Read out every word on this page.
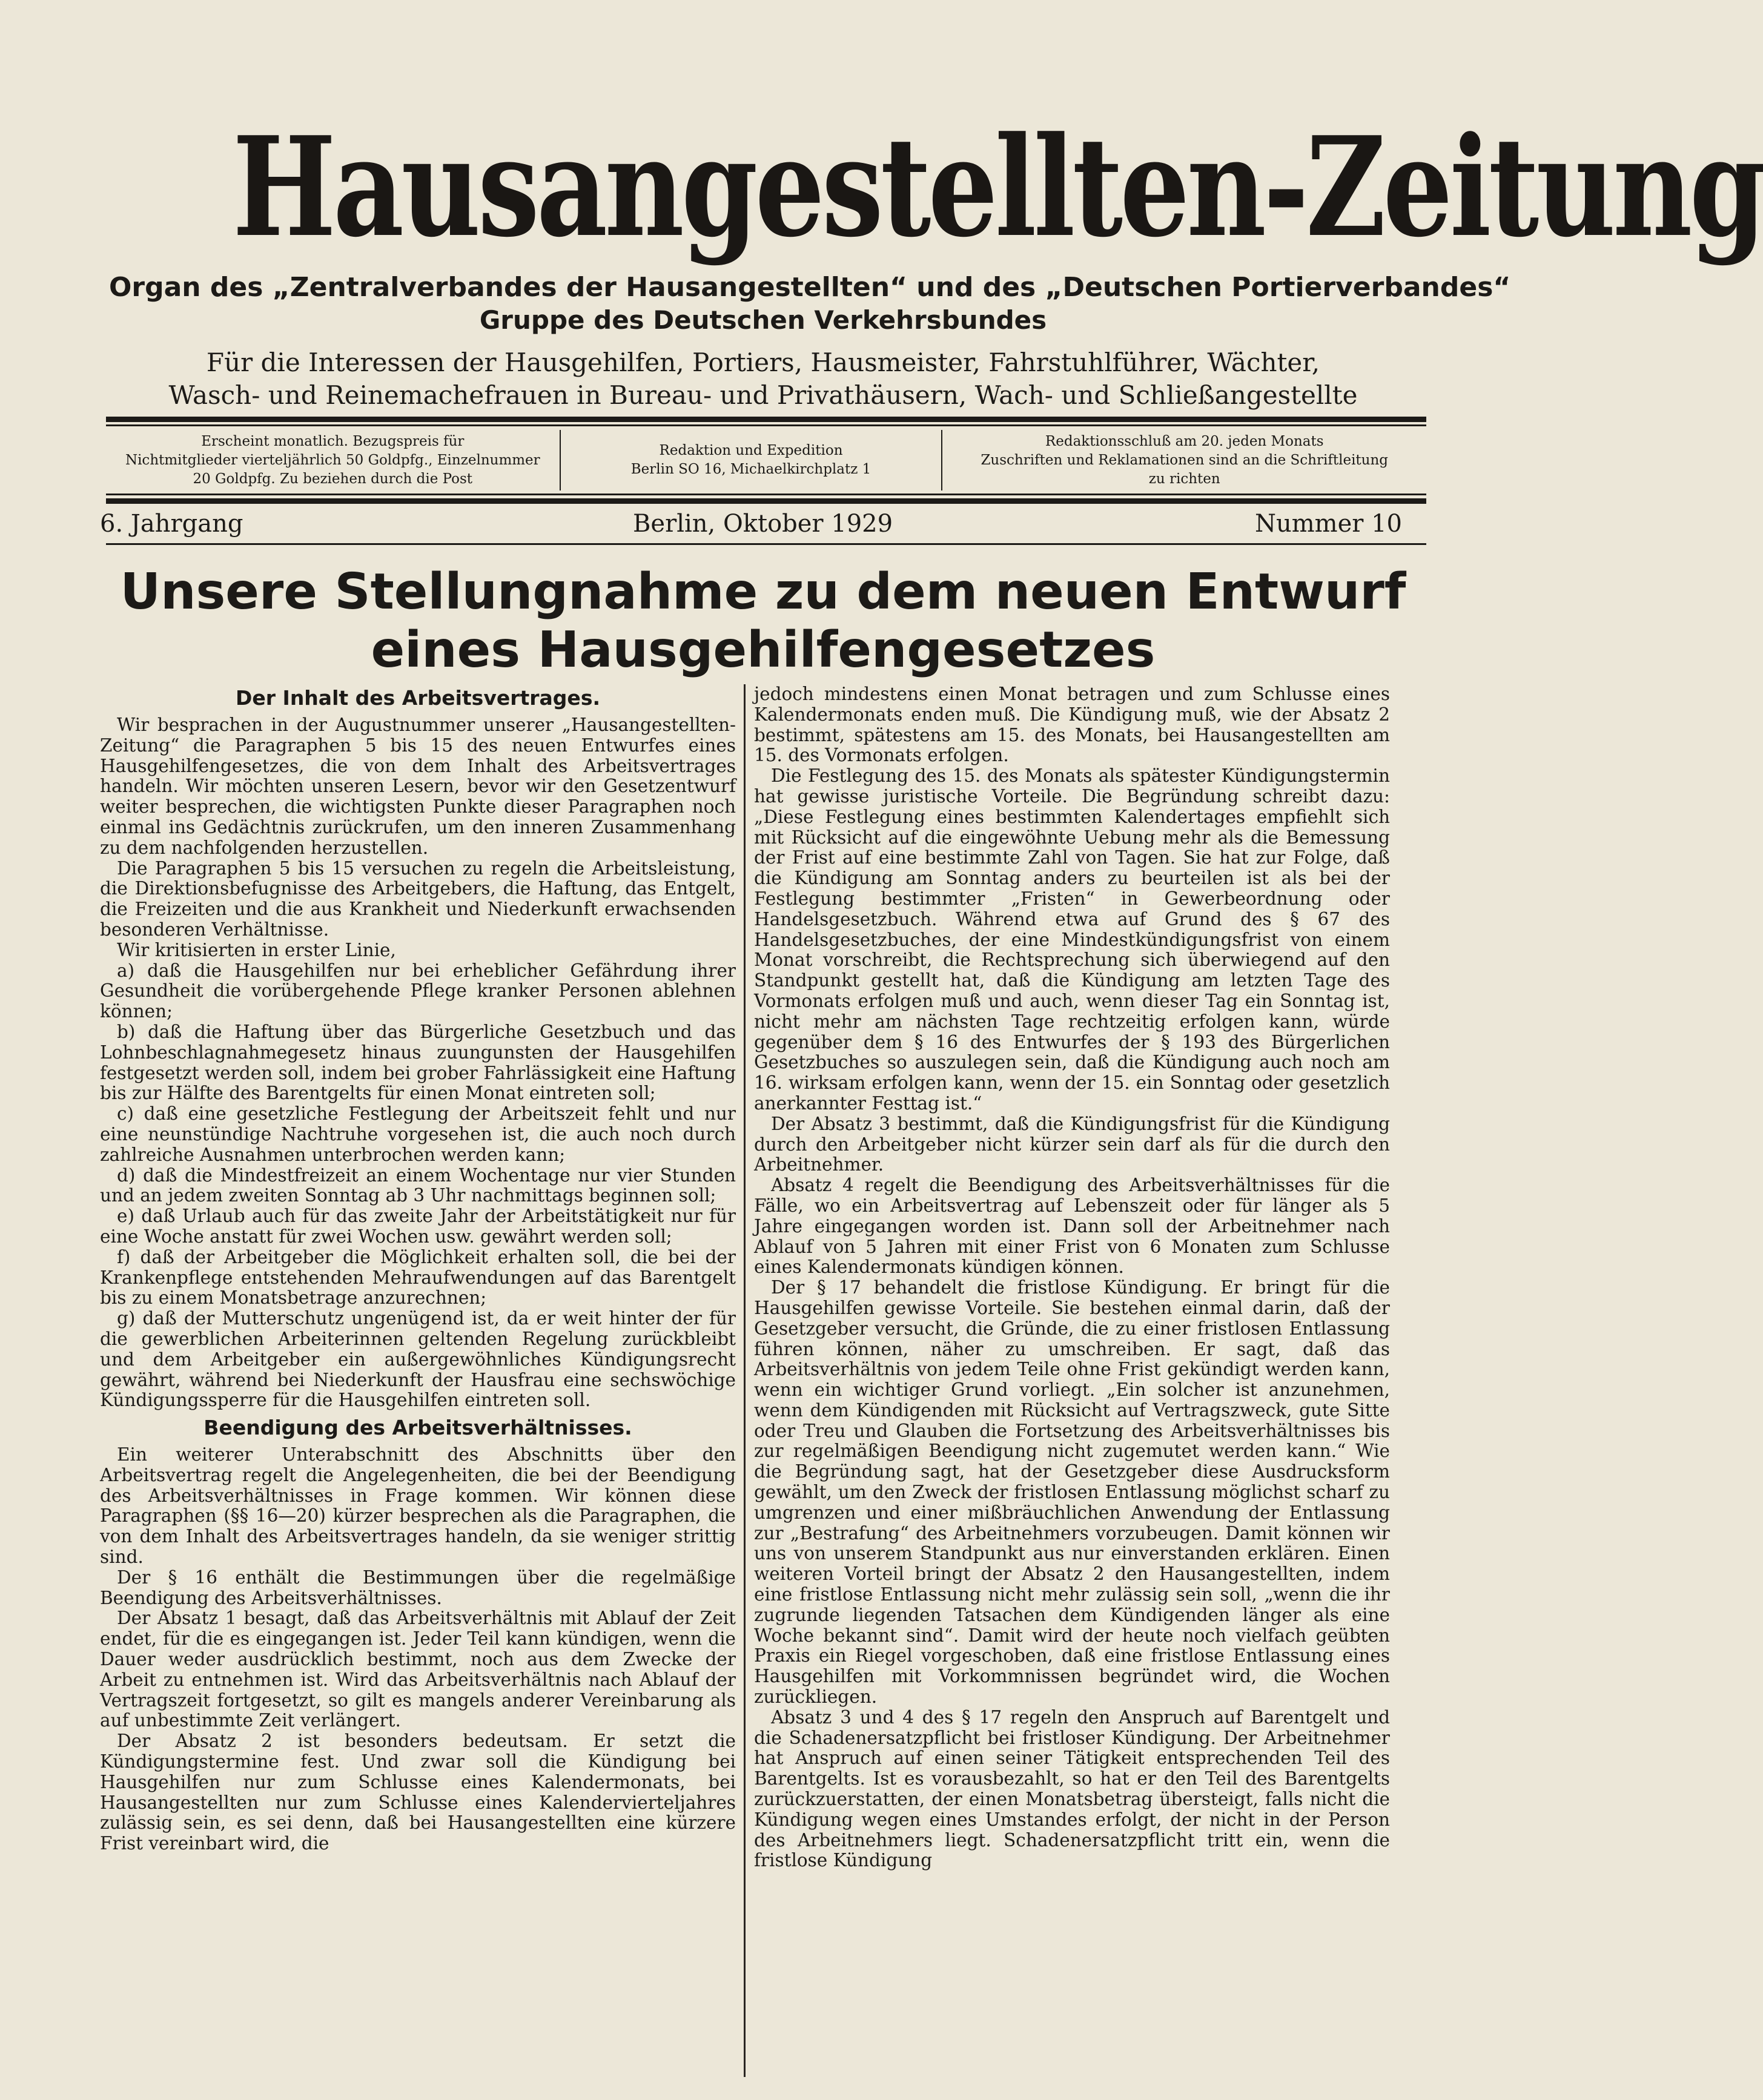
Hausangestellten-Zeitung
Organ des „Zentralverbandes der Hausangestellten“ und des „Deutschen Portierverbandes“
Gruppe des Deutschen Verkehrsbundes
Für die Interessen der Hausgehilfen, Portiers, Hausmeister, Fahrstuhlführer, Wächter,
Wasch- und Reinemachefrauen in Bureau- und Privathäusern, Wach- und Schließangestellte
Erscheint monatlich. Bezugspreis für
Nichtmitglieder vierteljährlich 50 Goldpfg., Einzelnummer
20 Goldpfg. Zu beziehen durch die Post
Redaktion und Expedition
Berlin SO 16, Michaelkirchplatz 1
Redaktionsschluß am 20. jeden Monats
Zuschriften und Reklamationen sind an die Schriftleitung
zu richten
6. Jahrgang	Berlin, Oktober 1929	Nummer 10
Unsere Stellungnahme zu dem neuen Entwurf
eines Hausgehilfengesetzes
Der Inhalt des Arbeitsvertrages.

Wir besprachen in der Augustnummer unserer „Hausangestellten-Zeitung“ die Paragraphen 5 bis 15 des neuen Entwurfes eines Hausgehilfengesetzes, die von dem Inhalt des Arbeitsvertrages handeln. Wir möchten unseren Lesern, bevor wir den Gesetzentwurf weiter besprechen, die wichtigsten Punkte dieser Paragraphen noch einmal ins Gedächtnis zurückrufen, um den inneren Zusammenhang zu dem nachfolgenden herzustellen.

Die Paragraphen 5 bis 15 versuchen zu regeln die Arbeitsleistung, die Direktionsbefugnisse des Arbeitgebers, die Haftung, das Entgelt, die Freizeiten und die aus Krankheit und Niederkunft erwachsenden besonderen Verhältnisse.

Wir kritisierten in erster Linie,

a) daß die Hausgehilfen nur bei erheblicher Gefährdung ihrer Gesundheit die vorübergehende Pflege kranker Personen ablehnen können;

b) daß die Haftung über das Bürgerliche Gesetzbuch und das Lohnbeschlagnahmegesetz hinaus zuungunsten der Hausgehilfen festgesetzt werden soll, indem bei grober Fahrlässigkeit eine Haftung bis zur Hälfte des Barentgelts für einen Monat eintreten soll;

c) daß eine gesetzliche Festlegung der Arbeitszeit fehlt und nur eine neunstündige Nachtruhe vorgesehen ist, die auch noch durch zahlreiche Ausnahmen unterbrochen werden kann;

d) daß die Mindestfreizeit an einem Wochentage nur vier Stunden und an jedem zweiten Sonntag ab 3 Uhr nachmittags beginnen soll;

e) daß Urlaub auch für das zweite Jahr der Arbeitstätigkeit nur für eine Woche anstatt für zwei Wochen usw. gewährt werden soll;

f) daß der Arbeitgeber die Möglichkeit erhalten soll, die bei der Krankenpflege entstehenden Mehraufwendungen auf das Barentgelt bis zu einem Monatsbetrage anzurechnen;

g) daß der Mutterschutz ungenügend ist, da er weit hinter der für die gewerblichen Arbeiterinnen geltenden Regelung zurückbleibt und dem Arbeitgeber ein außergewöhnliches Kündigungsrecht gewährt, während bei Niederkunft der Hausfrau eine sechswöchige Kündigungssperre für die Hausgehilfen eintreten soll.

Beendigung des Arbeitsverhältnisses.

Ein weiterer Unterabschnitt des Abschnitts über den Arbeitsvertrag regelt die Angelegenheiten, die bei der Beendigung des Arbeitsverhältnisses in Frage kommen. Wir können diese Paragraphen (§§ 16—20) kürzer besprechen als die Paragraphen, die von dem Inhalt des Arbeitsvertrages handeln, da sie weniger strittig sind.

Der § 16 enthält die Bestimmungen über die regelmäßige Beendigung des Arbeitsverhältnisses.

Der Absatz 1 besagt, daß das Arbeitsverhältnis mit Ablauf der Zeit endet, für die es eingegangen ist. Jeder Teil kann kündigen, wenn die Dauer weder ausdrücklich bestimmt, noch aus dem Zwecke der Arbeit zu entnehmen ist. Wird das Arbeitsverhältnis nach Ablauf der Vertragszeit fortgesetzt, so gilt es mangels anderer Vereinbarung als auf unbestimmte Zeit verlängert.

Der Absatz 2 ist besonders bedeutsam. Er setzt die Kündigungstermine fest. Und zwar soll die Kündigung bei Hausgehilfen nur zum Schlusse eines Kalendermonats, bei Hausangestellten nur zum Schlusse eines Kalendervierteljahres zulässig sein, es sei denn, daß bei Hausangestellten eine kürzere Frist vereinbart wird, die

jedoch mindestens einen Monat betragen und zum Schlusse eines Kalendermonats enden muß. Die Kündigung muß, wie der Absatz 2 bestimmt, spätestens am 15. des Monats, bei Hausangestellten am 15. des Vormonats erfolgen.

Die Festlegung des 15. des Monats als spätester Kündigungstermin hat gewisse juristische Vorteile. Die Begründung schreibt dazu: „Diese Festlegung eines bestimmten Kalendertages empfiehlt sich mit Rücksicht auf die eingewöhnte Uebung mehr als die Bemessung der Frist auf eine bestimmte Zahl von Tagen. Sie hat zur Folge, daß die Kündigung am Sonntag anders zu beurteilen ist als bei der Festlegung bestimmter „Fristen“ in Gewerbeordnung oder Handelsgesetzbuch. Während etwa auf Grund des § 67 des Handelsgesetzbuches, der eine Mindestkündigungsfrist von einem Monat vorschreibt, die Rechtsprechung sich überwiegend auf den Standpunkt gestellt hat, daß die Kündigung am letzten Tage des Vormonats erfolgen muß und auch, wenn dieser Tag ein Sonntag ist, nicht mehr am nächsten Tage rechtzeitig erfolgen kann, würde gegenüber dem § 16 des Entwurfes der § 193 des Bürgerlichen Gesetzbuches so auszulegen sein, daß die Kündigung auch noch am 16. wirksam erfolgen kann, wenn der 15. ein Sonntag oder gesetzlich anerkannter Festtag ist.“

Der Absatz 3 bestimmt, daß die Kündigungsfrist für die Kündigung durch den Arbeitgeber nicht kürzer sein darf als für die durch den Arbeitnehmer.

Absatz 4 regelt die Beendigung des Arbeitsverhältnisses für die Fälle, wo ein Arbeitsvertrag auf Lebenszeit oder für länger als 5 Jahre eingegangen worden ist. Dann soll der Arbeitnehmer nach Ablauf von 5 Jahren mit einer Frist von 6 Monaten zum Schlusse eines Kalendermonats kündigen können.

Der § 17 behandelt die fristlose Kündigung. Er bringt für die Hausgehilfen gewisse Vorteile. Sie bestehen einmal darin, daß der Gesetzgeber versucht, die Gründe, die zu einer fristlosen Entlassung führen können, näher zu umschreiben. Er sagt, daß das Arbeitsverhältnis von jedem Teile ohne Frist gekündigt werden kann, wenn ein wichtiger Grund vorliegt. „Ein solcher ist anzunehmen, wenn dem Kündigenden mit Rücksicht auf Vertragszweck, gute Sitte oder Treu und Glauben die Fortsetzung des Arbeitsverhältnisses bis zur regelmäßigen Beendigung nicht zugemutet werden kann.“ Wie die Begründung sagt, hat der Gesetzgeber diese Ausdrucksform gewählt, um den Zweck der fristlosen Entlassung möglichst scharf zu umgrenzen und einer mißbräuchlichen Anwendung der Entlassung zur „Bestrafung“ des Arbeitnehmers vorzubeugen. Damit können wir uns von unserem Standpunkt aus nur einverstanden erklären. Einen weiteren Vorteil bringt der Absatz 2 den Hausangestellten, indem eine fristlose Entlassung nicht mehr zulässig sein soll, „wenn die ihr zugrunde liegenden Tatsachen dem Kündigenden länger als eine Woche bekannt sind“. Damit wird der heute noch vielfach geübten Praxis ein Riegel vorgeschoben, daß eine fristlose Entlassung eines Hausgehilfen mit Vorkommnissen begründet wird, die Wochen zurückliegen.

Absatz 3 und 4 des § 17 regeln den Anspruch auf Barentgelt und die Schadenersatzpflicht bei fristloser Kündigung. Der Arbeitnehmer hat Anspruch auf einen seiner Tätigkeit entsprechenden Teil des Barentgelts. Ist es vorausbezahlt, so hat er den Teil des Barentgelts zurückzuerstatten, der einen Monatsbetrag übersteigt, falls nicht die Kündigung wegen eines Umstandes erfolgt, der nicht in der Person des Arbeitnehmers liegt. Schadenersatzpflicht tritt ein, wenn die fristlose Kündigung
